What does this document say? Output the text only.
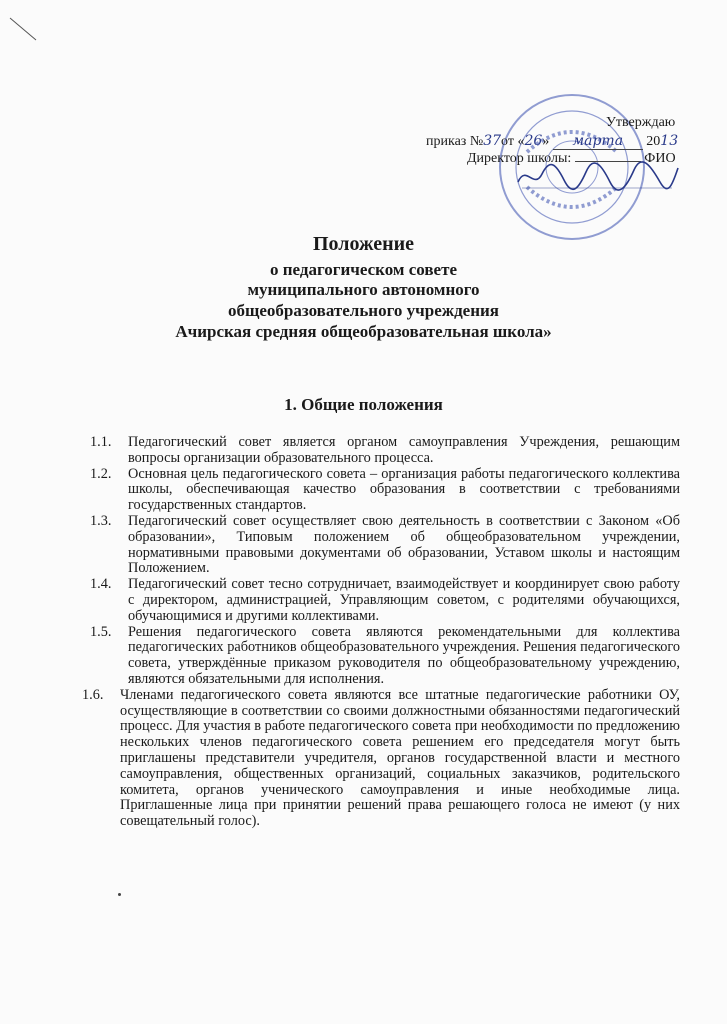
Утверждаю
приказ №37от «26» марта 2013
Директор школы:	ФИО
Положение
о педагогическом совете
муниципального автономного
общеобразовательного учреждения
Ачирская средняя общеобразовательная школа»
1. Общие положения

1.1. Педагогический совет является органом самоуправления Учреждения, решающим вопросы организации образовательного процесса.

1.2. Основная цель педагогического совета – организация работы педагогического коллектива школы, обеспечивающая качество образования в соответствии с требованиями государственных стандартов.

1.3. Педагогический совет осуществляет свою деятельность в соответствии с Законом «Об образовании», Типовым положением об общеобразовательном учреждении, нормативными правовыми документами об образовании, Уставом школы и настоящим Положением.

1.4. Педагогический совет тесно сотрудничает, взаимодействует и координирует свою работу с директором, администрацией, Управляющим советом, с родителями обучающихся, обучающимися и другими коллективами.

1.5. Решения педагогического совета являются рекомендательными для коллектива педагогических работников общеобразовательного учреждения. Решения педагогического совета, утверждённые приказом руководителя по общеобразовательному учреждению, являются обязательными для исполнения.

1.6. Членами педагогического совета являются все штатные педагогические работники ОУ, осуществляющие в соответствии со своими должностными обязанностями педагогический процесс. Для участия в работе педагогического совета при необходимости по предложению нескольких членов педагогического совета решением его председателя могут быть приглашены представители учредителя, органов государственной власти и местного самоуправления, общественных организаций, социальных заказчиков, родительского комитета, органов ученического самоуправления и иные необходимые лица. Приглашенные лица при принятии решений права решающего голоса не имеют (у них совещательный голос).
